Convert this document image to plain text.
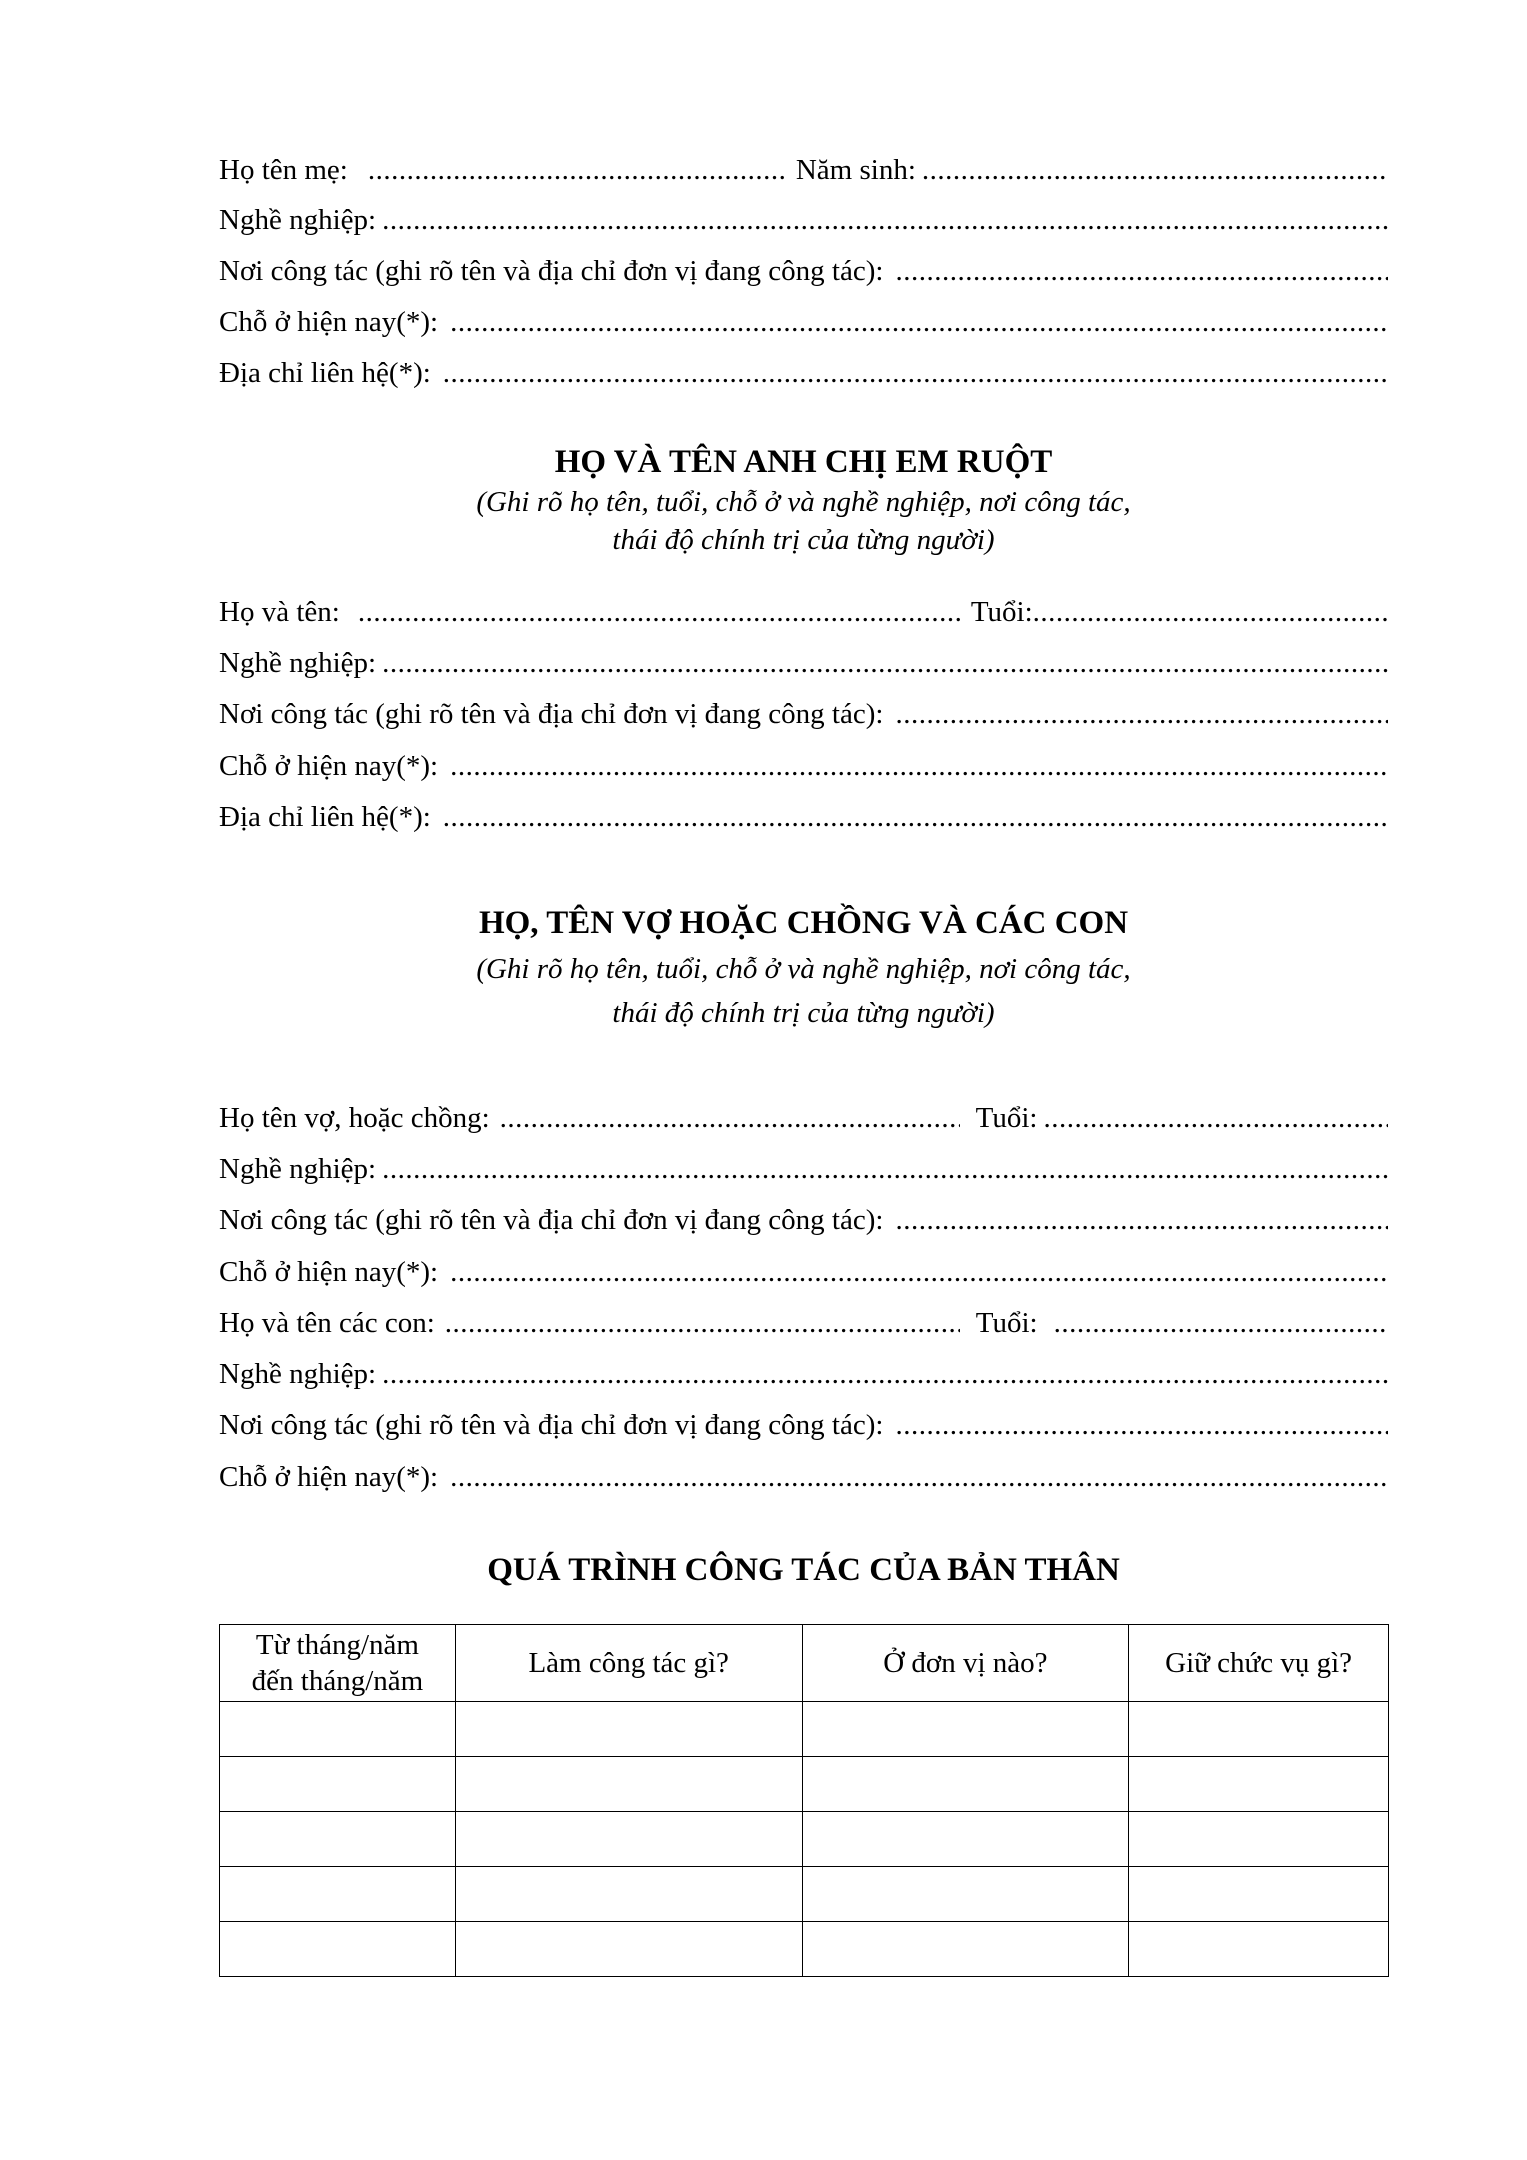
Họ tên mẹ: .....	Năm sinh:
.....
Nghề nghiệp:
.....
Nơi công tác (ghi rõ tên và địa chỉ đơn vị đang công tác):
.....
Chỗ ở hiện nay(*):
.....
Địa chỉ liên hệ(*):
.....
HỌ VÀ TÊN ANH CHỊ EM RUỘT
(Ghi rõ họ tên, tuổi, chỗ ở và nghề nghiệp, nơi công tác,
thái độ chính trị của từng người)
Họ và tên: .....	Tuổi:
.....
Nghề nghiệp:
.....
Nơi công tác (ghi rõ tên và địa chỉ đơn vị đang công tác):
.....
Chỗ ở hiện nay(*):
.....
Địa chỉ liên hệ(*):
.....
HỌ, TÊN VỢ HOẶC CHỒNG VÀ CÁC CON
(Ghi rõ họ tên, tuổi, chỗ ở và nghề nghiệp, nơi công tác,
thái độ chính trị của từng người)
Họ tên vợ, hoặc chồng: .....	Tuổi:
.....
Nghề nghiệp:
.....
Nơi công tác (ghi rõ tên và địa chỉ đơn vị đang công tác):
.....
Chỗ ở hiện nay(*):
.....
Họ và tên các con: .....	Tuổi:
.....
Nghề nghiệp:
.....
Nơi công tác (ghi rõ tên và địa chỉ đơn vị đang công tác):
.....
Chỗ ở hiện nay(*):
.....
QUÁ TRÌNH CÔNG TÁC CỦA BẢN THÂN
Từ tháng/năm
đến tháng/năm	Làm công tác gì?	Ở đơn vị nào?	Giữ chức vụ gì?
